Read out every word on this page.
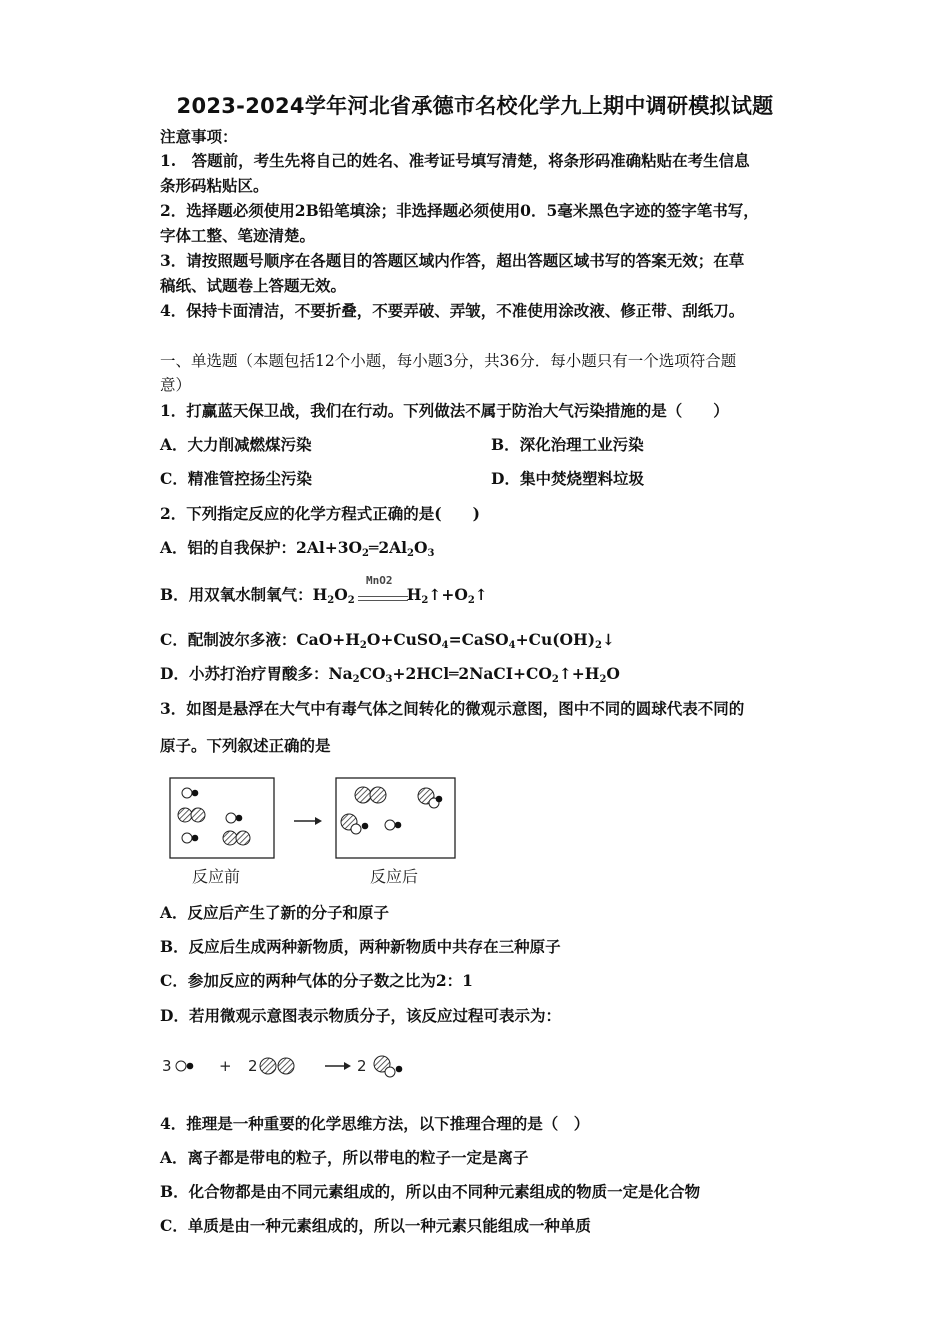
2023-2024学年河北省承德市名校化学九上期中调研模拟试题
注意事项：
1.　答题前，考生先将自己的姓名、准考证号填写清楚，将条形码准确粘贴在考生信息
条形码粘贴区。
2．选择题必须使用2B铅笔填涂；非选择题必须使用0．5毫米黑色字迹的签字笔书写，
字体工整、笔迹清楚。
3．请按照题号顺序在各题目的答题区域内作答，超出答题区域书写的答案无效；在草
稿纸、试题卷上答题无效。
4．保持卡面清洁，不要折叠，不要弄破、弄皱，不准使用涂改液、修正带、刮纸刀。
一、单选题（本题包括12个小题，每小题3分，共36分．每小题只有一个选项符合题
意）
1．打赢蓝天保卫战，我们在行动。下列做法不属于防治大气污染措施的是（　　）
A．大力削减燃煤污染	B．深化治理工业污染
C．精准管控扬尘污染	D．集中焚烧塑料垃圾
2．下列指定反应的化学方程式正确的是(　　)
A．铝的自我保护：$2Al+3O_2═2Al_2O_3$
B．用双氧水制氧气：$H_2O_2$	$H_2↑+O_2↑$
MnO2
C．配制波尔多液：$CaO+H_2O+CuSO_4=CaSO_4+Cu(OH)_2↓$
D．小苏打治疗胃酸多：$Na_2CO_3+2HCl═2NaCI+CO_2↑+H_2O$
3．如图是悬浮在大气中有毒气体之间转化的微观示意图，图中不同的圆球代表不同的
原子。下列叙述正确的是
反应前	反应后
A．反应后产生了新的分子和原子
B．反应后生成两种新物质，两种新物质中共存在三种原子
C．参加反应的两种气体的分子数之比为2：1
D．若用微观示意图表示物质分子，该反应过程可表示为：
3	+ 2	2
4．推理是一种重要的化学思维方法，以下推理合理的是（　）
A．离子都是带电的粒子，所以带电的粒子一定是离子
B．化合物都是由不同元素组成的，所以由不同种元素组成的物质一定是化合物
C．单质是由一种元素组成的，所以一种元素只能组成一种单质
